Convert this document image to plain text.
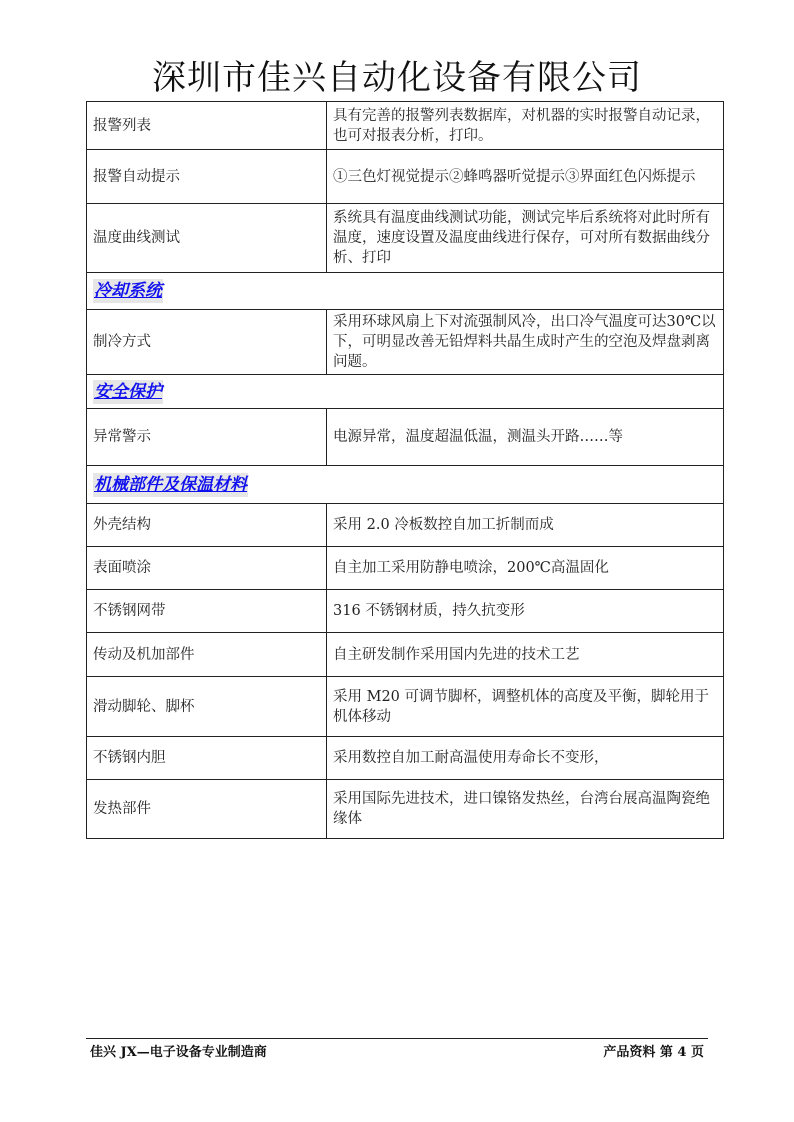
深圳市佳兴自动化设备有限公司
报警列表	具有完善的报警列表数据库，对机器的实时报警自动记录，也可对报表分析，打印。
报警自动提示	①三色灯视觉提示②蜂鸣器听觉提示③界面红色闪烁提示
温度曲线测试	系统具有温度曲线测试功能，测试完毕后系统将对此时所有温度，速度设置及温度曲线进行保存，可对所有数据曲线分析、打印
冷却系统	
制冷方式	采用环球风扇上下对流强制风冷，出口冷气温度可达30℃以下，可明显改善无铅焊料共晶生成时产生的空泡及焊盘剥离问题。
安全保护	
异常警示	电源异常，温度超温低温，测温头开路……等
机械部件及保温材料	
外壳结构	采用 2.0 冷板数控自加工折制而成
表面喷涂	自主加工采用防静电喷涂，200℃高温固化
不锈钢网带	316 不锈钢材质，持久抗变形
传动及机加部件	自主研发制作采用国内先进的技术工艺
滑动脚轮、脚杯	采用 M20 可调节脚杯，调整机体的高度及平衡，脚轮用于机体移动
不锈钢内胆	采用数控自加工耐高温使用寿命长不变形，
发热部件	采用国际先进技术，进口镍铬发热丝，台湾台展高温陶瓷绝缘体
佳兴 JX—电子设备专业制造商	产品资料 第 4 页
